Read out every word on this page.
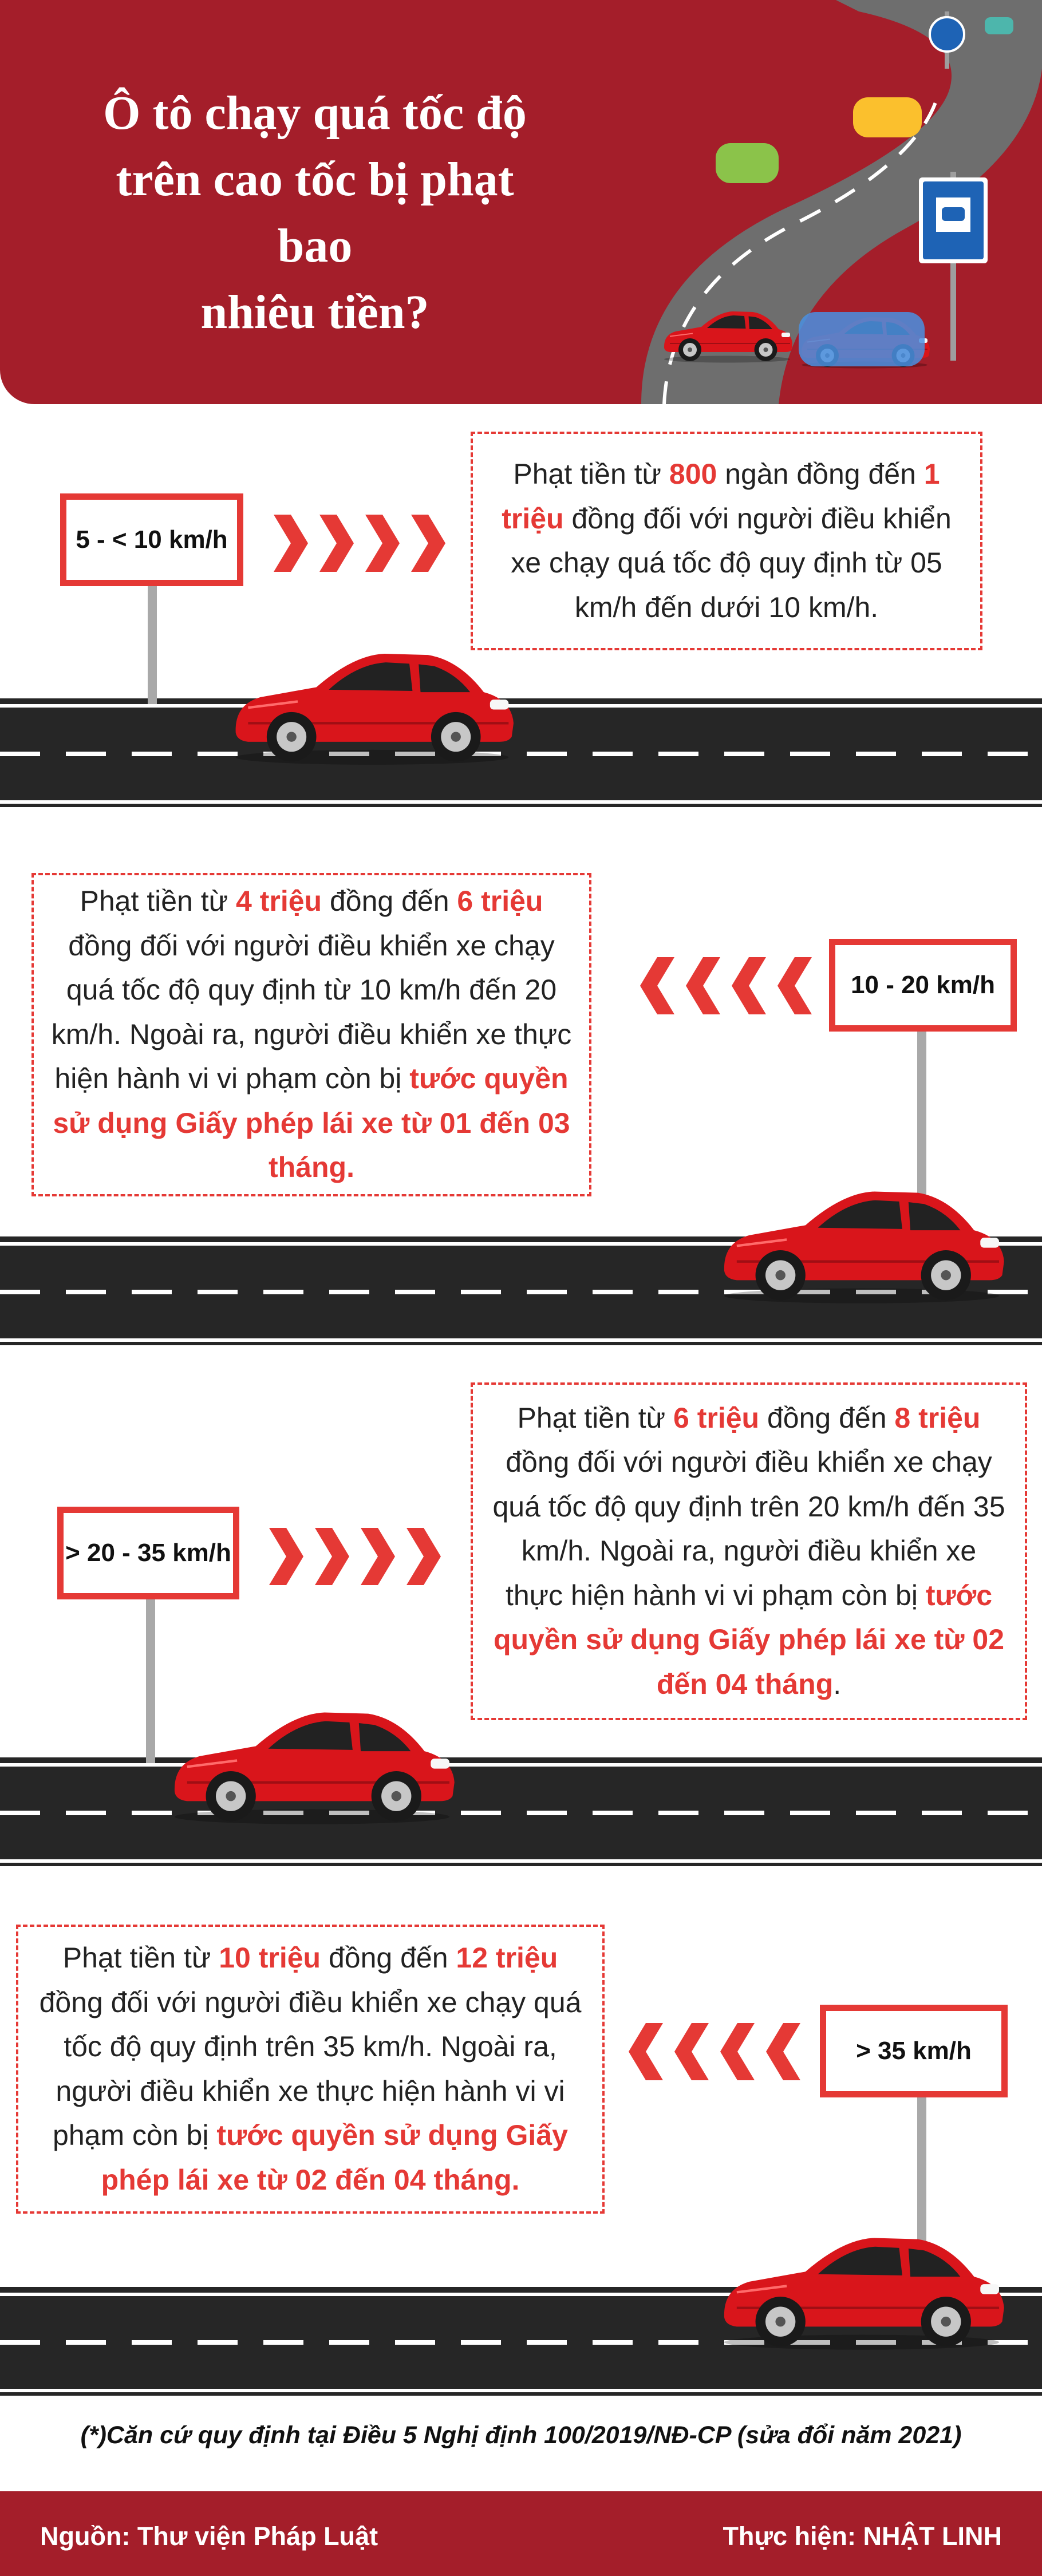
Ô tô chạy quá tốc độ
trên cao tốc bị phạt bao
nhiêu tiền?
5 - < 10 km/h

Phạt tiền từ 800 ngàn đồng đến 1 triệu đồng đối với người điều khiển xe chạy quá tốc độ quy định từ 05 km/h đến dưới 10 km/h.

10 - 20 km/h

Phạt tiền từ 4 triệu đồng đến 6 triệu đồng đối với người điều khiển xe chạy quá tốc độ quy định từ 10 km/h đến 20 km/h. Ngoài ra, người điều khiển xe thực hiện hành vi vi phạm còn bị tước quyền sử dụng Giấy phép lái xe từ 01 đến 03 tháng.

> 20 - 35 km/h

Phạt tiền từ 6 triệu đồng đến 8 triệu đồng đối với người điều khiển xe chạy quá tốc độ quy định trên 20 km/h đến 35 km/h. Ngoài ra, người điều khiển xe thực hiện hành vi vi phạm còn bị tước quyền sử dụng Giấy phép lái xe từ 02 đến 04 tháng.

> 35 km/h

Phạt tiền từ 10 triệu đồng đến 12 triệu đồng đối với người điều khiển xe chạy quá tốc độ quy định trên 35 km/h. Ngoài ra, người điều khiển xe thực hiện hành vi vi phạm còn bị tước quyền sử dụng Giấy phép lái xe từ 02 đến 04 tháng.

(*)Căn cứ quy định tại Điều 5 Nghị định 100/2019/NĐ-CP (sửa đổi năm 2021)
Nguồn: Thư viện Pháp Luật	Thực hiện: NHẬT LINH
